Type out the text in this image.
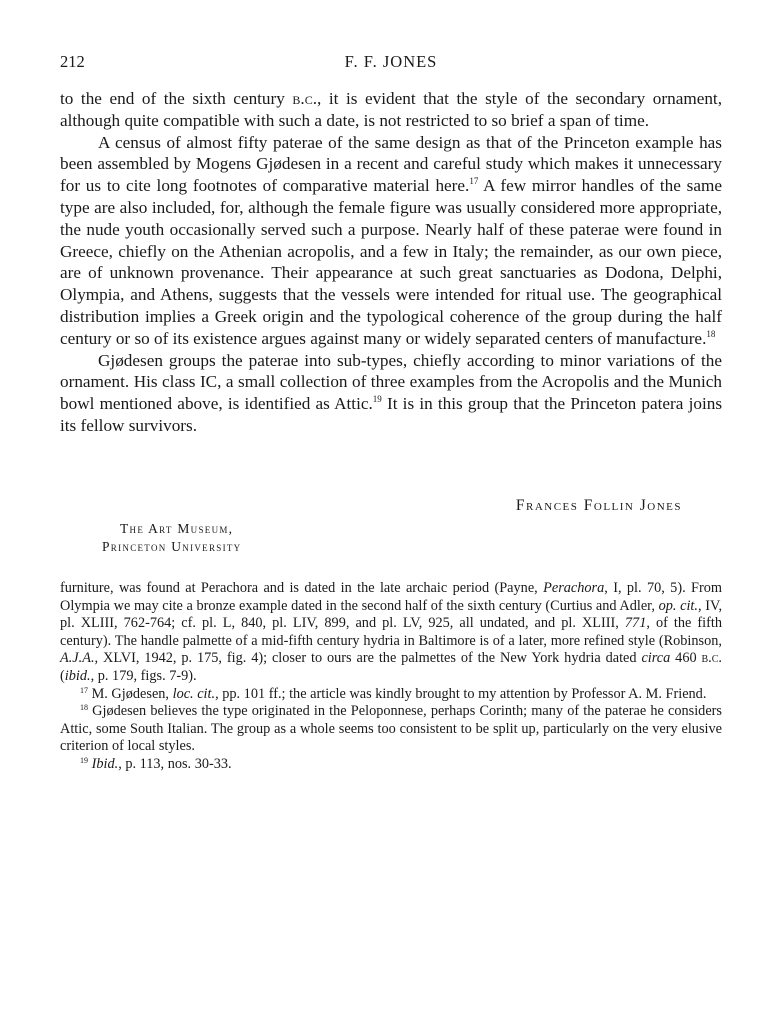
212	F. F. JONES

to the end of the sixth century b.c., it is evident that the style of the secondary ornament, although quite compatible with such a date, is not restricted to so brief a span of time.

A census of almost fifty paterae of the same design as that of the Princeton example has been assembled by Mogens Gjødesen in a recent and careful study which makes it unnecessary for us to cite long footnotes of comparative material here.$^{17}$ A few mirror handles of the same type are also included, for, although the female figure was usually considered more appropriate, the nude youth occasionally served such a purpose. Nearly half of these paterae were found in Greece, chiefly on the Athenian acropolis, and a few in Italy; the remainder, as our own piece, are of unknown provenance. Their appearance at such great sanctuaries as Dodona, Delphi, Olympia, and Athens, suggests that the vessels were intended for ritual use. The geographical distribution implies a Greek origin and the typological coherence of the group during the half century or so of its existence argues against many or widely separated centers of manufacture.$^{18}$

Gjødesen groups the paterae into sub-types, chiefly according to minor variations of the ornament. His class IC, a small collection of three examples from the Acropolis and the Munich bowl mentioned above, is identified as Attic.$^{19}$ It is in this group that the Princeton patera joins its fellow survivors.

Frances Follin Jones
The Art Museum,
Princeton University

furniture, was found at Perachora and is dated in the late archaic period (Payne, Perachora, I, pl. 70, 5). From Olympia we may cite a bronze example dated in the second half of the sixth century (Curtius and Adler, op. cit., IV, pl. XLIII, 762-764; cf. pl. L, 840, pl. LIV, 899, and pl. LV, 925, all undated, and pl. XLIII, 771, of the fifth century). The handle palmette of a mid-fifth century hydria in Baltimore is of a later, more refined style (Robinson, A.J.A., XLVI, 1942, p. 175, fig. 4); closer to ours are the palmettes of the New York hydria dated circa 460 b.c. (ibid., p. 179, figs. 7-9).

$^{17}$ M. Gjødesen, loc. cit., pp. 101 ff.; the article was kindly brought to my attention by Professor A. M. Friend.

$^{18}$ Gjødesen believes the type originated in the Peloponnese, perhaps Corinth; many of the paterae he considers Attic, some South Italian. The group as a whole seems too consistent to be split up, particularly on the very elusive criterion of local styles.

$^{19}$ Ibid., p. 113, nos. 30-33.
